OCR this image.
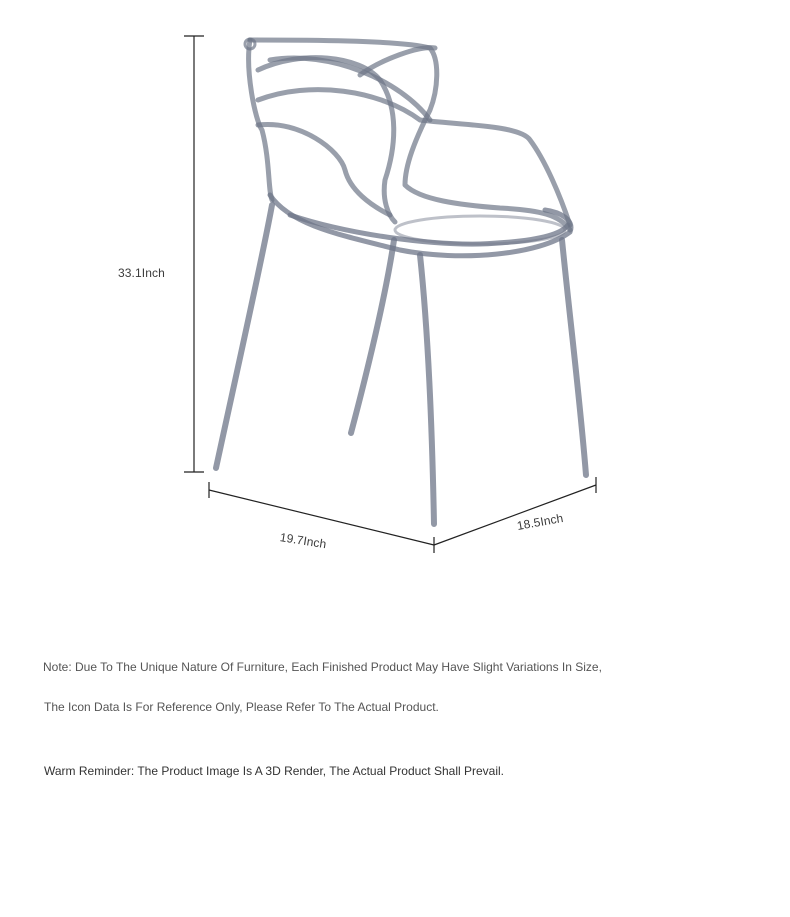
33.1Inch
19.7Inch
18.5Inch
Note: Due To The Unique Nature Of Furniture, Each Finished Product May Have Slight Variations In Size,
The Icon Data Is For Reference Only, Please Refer To The Actual Product.
Warm Reminder: The Product Image Is A 3D Render, The Actual Product Shall Prevail.
